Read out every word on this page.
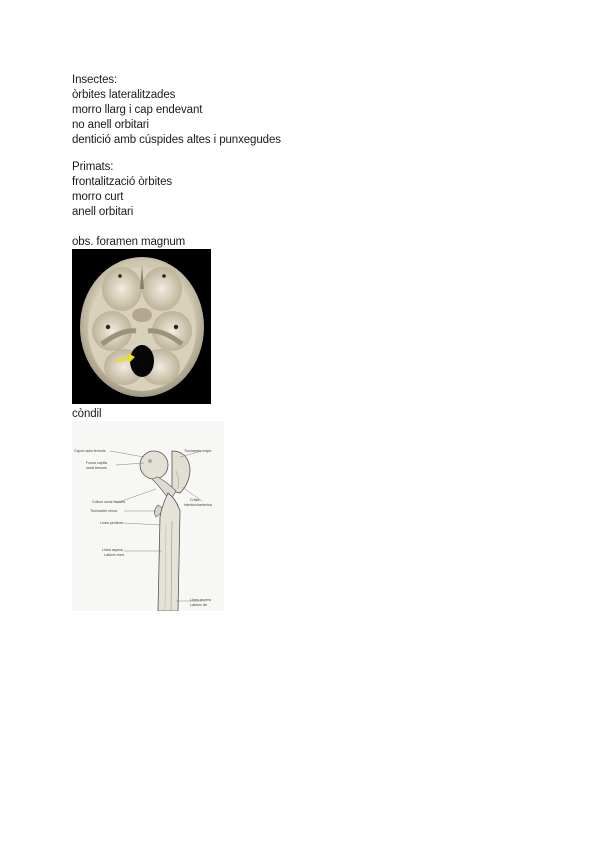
Insectes:
òrbites lateralitzades
morro llarg i cap endevant
no anell orbitari
dentició amb cúspides altes i punxegudes
Primats:
frontalització òrbites
morro curt
anell orbitari
obs. foramen magnum
còndil
Caput ossis femoris
Fovea capitis
ossis femoris
Trochanter major
Collum ossis femoris
Trochanter minor
Crista
intertrochanterica
Linea pectinea
Linea aspera
Labium med.
Linea aspera
Labium lat.
